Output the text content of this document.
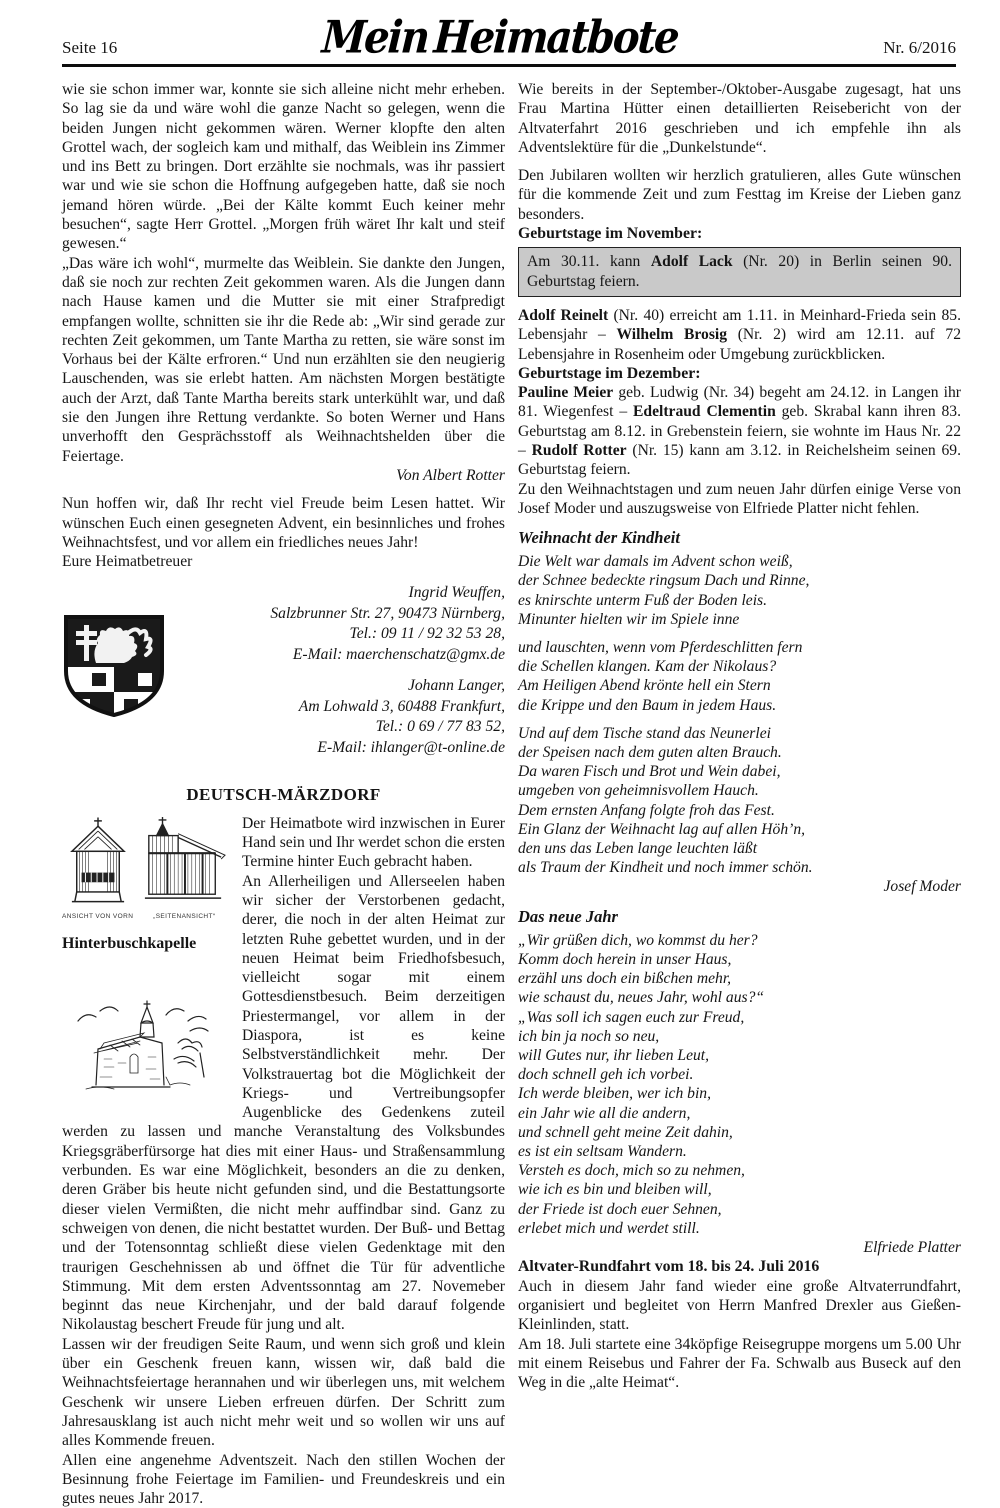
Seite 16	Mein Heimatbote	Nr. 6/2016

wie sie schon immer war, konnte sie sich alleine nicht mehr erheben. So lag sie da und wäre wohl die ganze Nacht so gelegen, wenn die beiden Jungen nicht gekommen wären. Werner klopfte den alten Grottel wach, der sogleich kam und mithalf, das Weiblein ins Zimmer und ins Bett zu bringen. Dort erzählte sie nochmals, was ihr passiert war und wie sie schon die Hoffnung aufgegeben hatte, daß sie noch jemand hören würde. „Bei der Kälte kommt Euch keiner mehr besuchen“, sagte Herr Grottel. „Morgen früh wäret Ihr kalt und steif gewesen.“

„Das wäre ich wohl“, murmelte das Weiblein. Sie dankte den Jungen, daß sie noch zur rechten Zeit gekommen waren. Als die Jungen dann nach Hause kamen und die Mutter sie mit einer Strafpredigt empfangen wollte, schnitten sie ihr die Rede ab: „Wir sind gerade zur rechten Zeit gekommen, um Tante Martha zu retten, sie wäre sonst im Vorhaus bei der Kälte erfroren.“ Und nun erzählten sie den neugierig Lauschenden, was sie erlebt hatten. Am nächsten Morgen bestätigte auch der Arzt, daß Tante Martha bereits stark unterkühlt war, und daß sie den Jungen ihre Rettung verdankte. So boten Werner und Hans unverhofft den Gesprächsstoff als Weihnachtshelden über die Feiertage.

Von Albert Rotter

Nun hoffen wir, daß Ihr recht viel Freude beim Lesen hattet. Wir wünschen Euch einen gesegneten Advent, ein besinnliches und frohes Weihnachtsfest, und vor allem ein friedliches neues Jahr!

Eure Heimatbetreuer

Ingrid Weuffen,
Salzbrunner Str. 27, 90473 Nürnberg,
Tel.: 09 11 / 92 32 53 28,
E-Mail: maerchenschatz@gmx.de
Johann Langer,
Am Lohwald 3, 60488 Frankfurt,
Tel.: 0 69 / 77 83 52,
E-Mail: ihlanger@t-online.de
DEUTSCH-MÄRZDORF
ANSICHT VON VORN	„SEITENANSICHT“
Hinterbuschkapelle

Der Heimatbote wird inzwischen in Eurer Hand sein und Ihr werdet schon die ersten Termine hinter Euch gebracht haben.

An Allerheiligen und Allerseelen haben wir sicher der Verstorbenen gedacht, derer, die noch in der alten Heimat zur letzten Ruhe gebettet wurden, und in der neuen Heimat beim Friedhofsbesuch, vielleicht sogar mit einem Gottesdienstbesuch. Beim derzeitigen Priestermangel, vor allem in der Diaspora, ist es keine Selbstverständlichkeit mehr. Der Volkstrauertag bot die Möglichkeit der Kriegs- und Vertreibungsopfer Augenblicke des Gedenkens zuteil werden zu lassen und manche Veranstaltung des Volksbundes Kriegsgräberfürsorge hat dies mit einer Haus- und Straßensammlung verbunden. Es war eine Möglichkeit, besonders an die zu denken, deren Gräber bis heute nicht gefunden sind, und die Bestattungsorte dieser vielen Vermißten, die nicht mehr auffindbar sind. Ganz zu schweigen von denen, die nicht bestattet wurden. Der Buß- und Bettag und der Totensonntag schließt diese vielen Gedenktage mit den traurigen Geschehnissen ab und öffnet die Tür für adventliche Stimmung. Mit dem ersten Adventssonntag am 27. Novemeber beginnt das neue Kirchenjahr, und der bald darauf folgende Nikolaustag beschert Freude für jung und alt.

Lassen wir der freudigen Seite Raum, und wenn sich groß und klein über ein Geschenk freuen kann, wissen wir, daß bald die Weihnachtsfeiertage herannahen und wir überlegen uns, mit welchem Geschenk wir unsere Lieben erfreuen dürfen. Der Schritt zum Jahresausklang ist auch nicht mehr weit und so wollen wir uns auf alles Kommende freuen.

Allen eine angenehme Adventszeit. Nach den stillen Wochen der Besinnung frohe Feiertage im Familien- und Freundeskreis und ein gutes neues Jahr 2017.

Wie bereits in der September-/Oktober-Ausgabe zugesagt, hat uns Frau Martina Hütter einen detaillierten Reisebericht von der Altvaterfahrt 2016 geschrieben und ich empfehle ihn als Adventslektüre für die „Dunkelstunde“.

Den Jubilaren wollten wir herzlich gratulieren, alles Gute wünschen für die kommende Zeit und zum Festtag im Kreise der Lieben ganz besonders.

Geburtstage im November:
Am 30.11. kann Adolf Lack (Nr. 20) in Berlin seinen 90. Geburtstag feiern.

Adolf Reinelt (Nr. 40) erreicht am 1.11. in Meinhard-Frieda sein 85. Lebensjahr – Wilhelm Brosig (Nr. 2) wird am 12.11. auf 72 Lebensjahre in Rosenheim oder Umgebung zurückblicken.

Geburtstage im Dezember:

Pauline Meier geb. Ludwig (Nr. 34) begeht am 24.12. in Langen ihr 81. Wiegenfest – Edeltraud Clementin geb. Skrabal kann ihren 83. Geburtstag am 8.12. in Grebenstein feiern, sie wohnte im Haus Nr. 22 – Rudolf Rotter (Nr. 15) kann am 3.12. in Reichelsheim seinen 69. Geburtstag feiern.

Zu den Weihnachtstagen und zum neuen Jahr dürfen einige Verse von Josef Moder und auszugsweise von Elfriede Platter nicht fehlen.

Weihnacht der Kindheit
Die Welt war damals im Advent schon weiß,
der Schnee bedeckte ringsum Dach und Rinne,
es knirschte unterm Fuß der Boden leis.
Minunter hielten wir im Spiele inne
und lauschten, wenn vom Pferdeschlitten fern
die Schellen klangen. Kam der Nikolaus?
Am Heiligen Abend krönte hell ein Stern
die Krippe und den Baum in jedem Haus.
Und auf dem Tische stand das Neunerlei
der Speisen nach dem guten alten Brauch.
Da waren Fisch und Brot und Wein dabei,
umgeben von geheimnisvollem Hauch.
Dem ernsten Anfang folgte froh das Fest.
Ein Glanz der Weihnacht lag auf allen Höh’n,
den uns das Leben lange leuchten läßt
als Traum der Kindheit und noch immer schön.

Josef Moder

Das neue Jahr
„Wir grüßen dich, wo kommst du her?
Komm doch herein in unser Haus,
erzähl uns doch ein bißchen mehr,
wie schaust du, neues Jahr, wohl aus?“
„Was soll ich sagen euch zur Freud,
ich bin ja noch so neu,
will Gutes nur, ihr lieben Leut,
doch schnell geh ich vorbei.
Ich werde bleiben, wer ich bin,
ein Jahr wie all die andern,
und schnell geht meine Zeit dahin,
es ist ein seltsam Wandern.
Versteh es doch, mich so zu nehmen,
wie ich es bin und bleiben will,
der Friede ist doch euer Sehnen,
erlebet mich und werdet still.

Elfriede Platter

Altvater-Rundfahrt vom 18. bis 24. Juli 2016

Auch in diesem Jahr fand wieder eine große Altvaterrundfahrt, organisiert und begleitet von Herrn Manfred Drexler aus Gießen-Kleinlinden, statt.

Am 18. Juli startete eine 34köpfige Reisegruppe morgens um 5.00 Uhr mit einem Reisebus und Fahrer der Fa. Schwalb aus Buseck auf den Weg in die „alte Heimat“.
